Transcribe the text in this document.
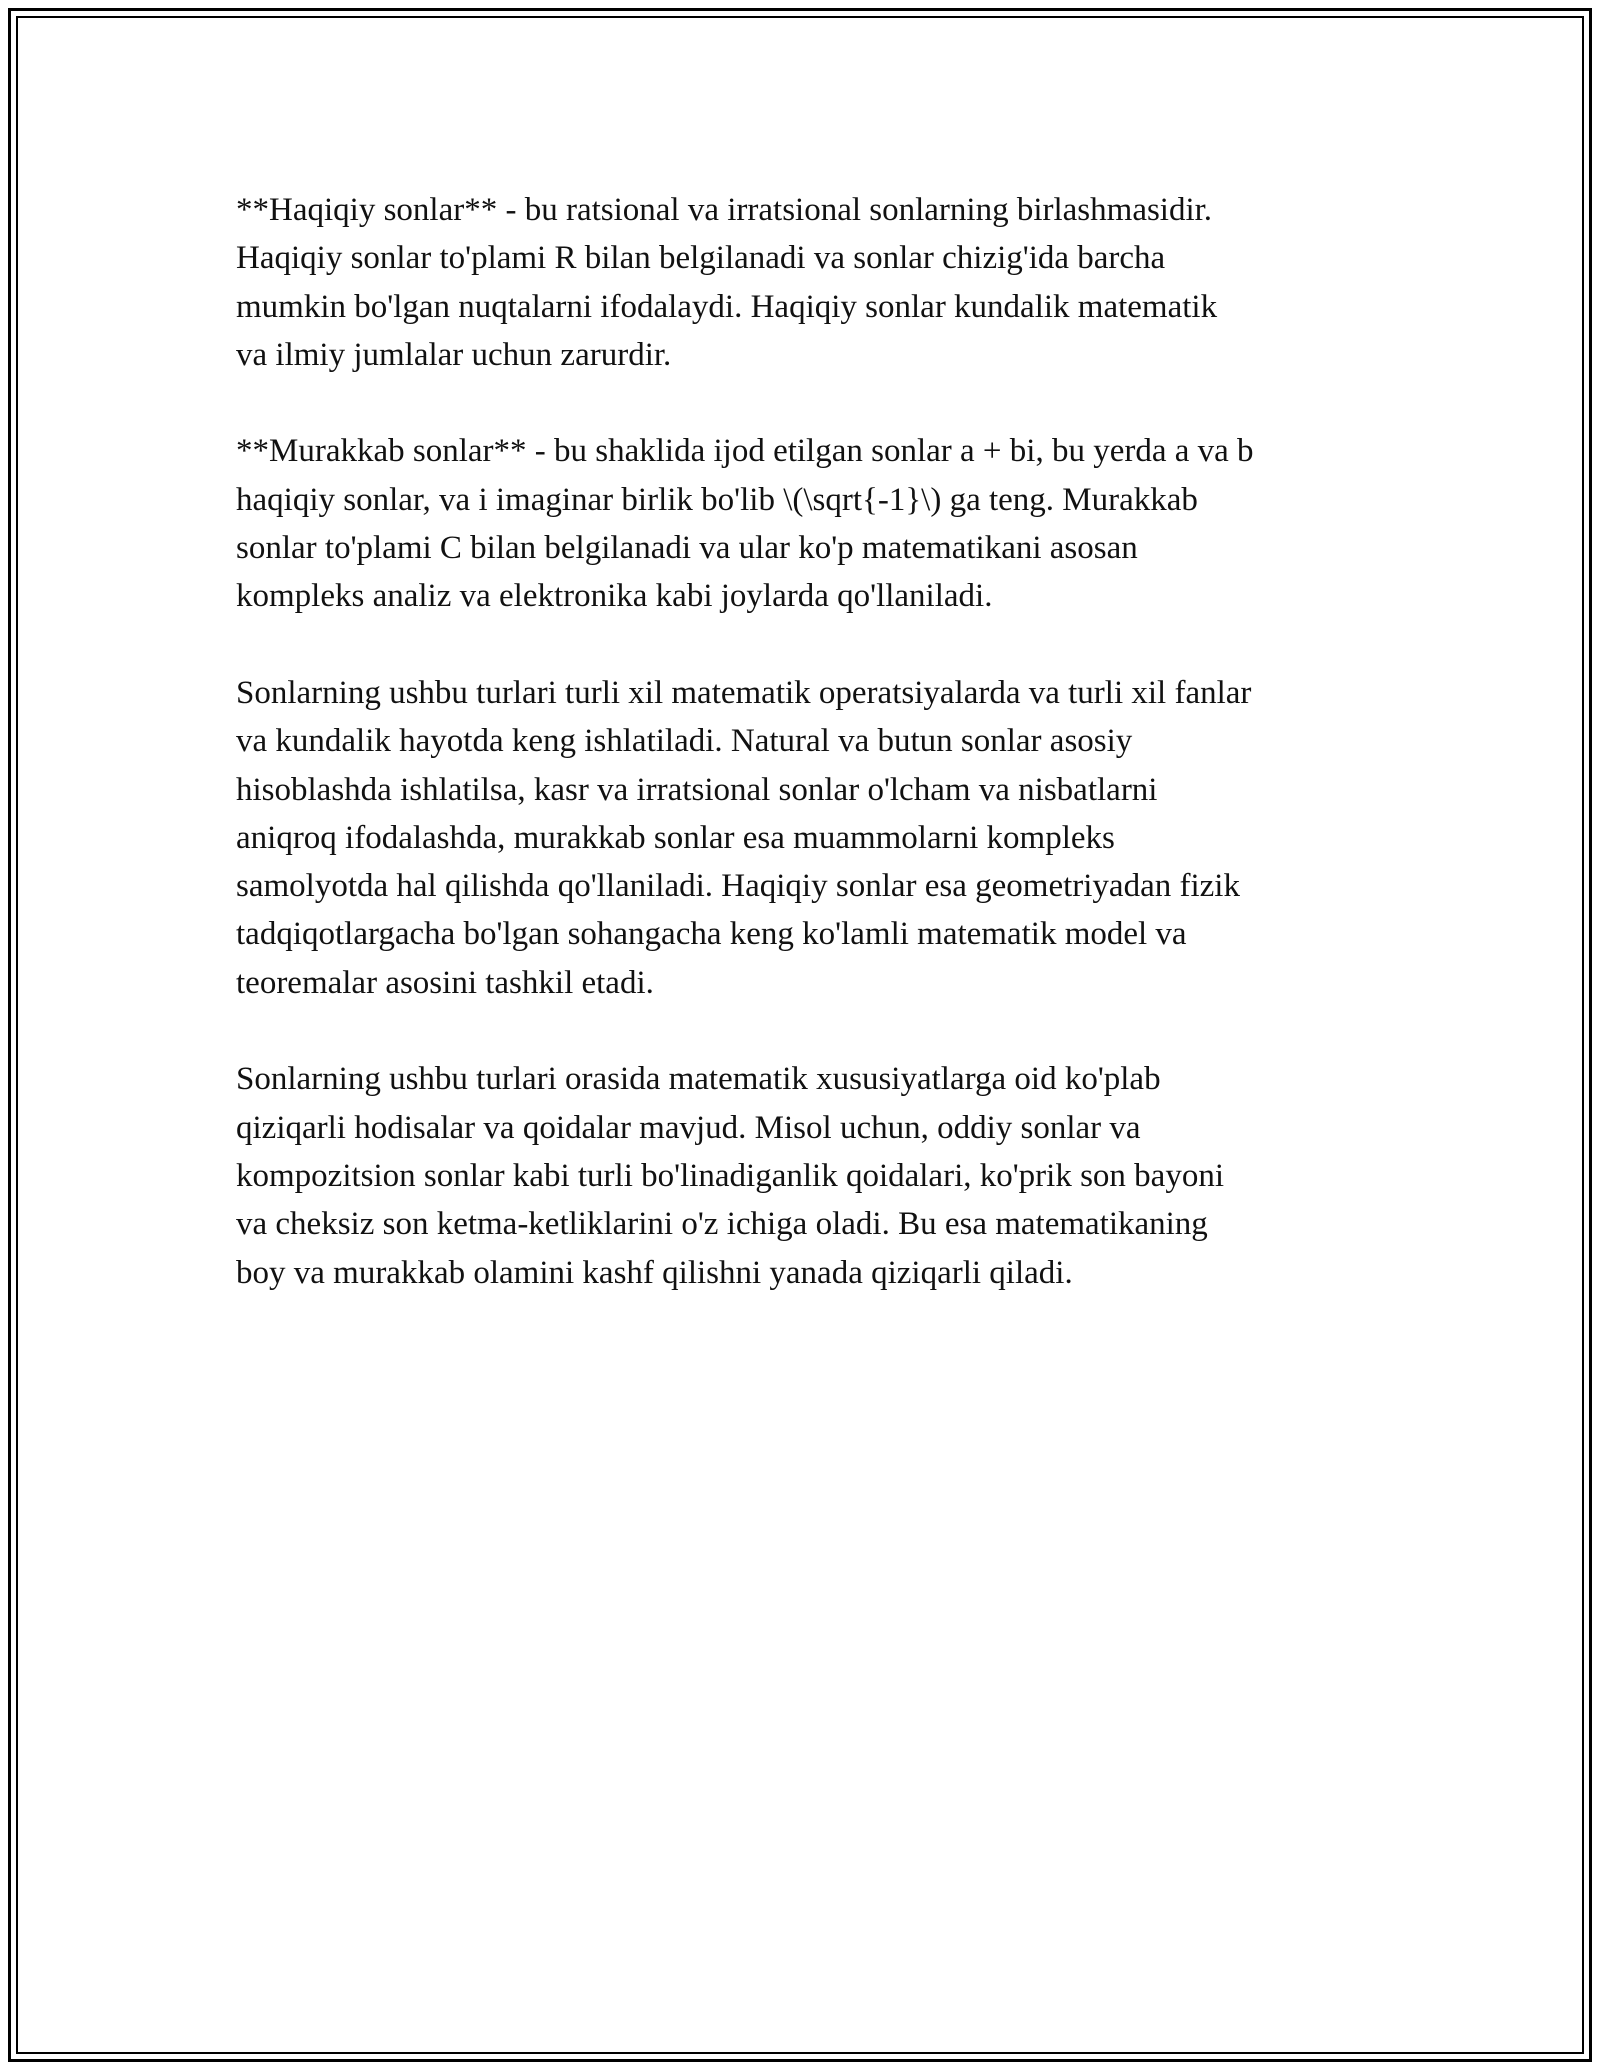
**Haqiqiy sonlar** - bu ratsional va irratsional sonlarning birlashmasidir.
Haqiqiy sonlar to'plami R bilan belgilanadi va sonlar chizig'ida barcha
mumkin bo'lgan nuqtalarni ifodalaydi. Haqiqiy sonlar kundalik matematik
va ilmiy jumlalar uchun zarurdir.

**Murakkab sonlar** - bu shaklida ijod etilgan sonlar a + bi, bu yerda a va b
haqiqiy sonlar, va i imaginar birlik bo'lib \(\sqrt{-1}\) ga teng. Murakkab
sonlar to'plami C bilan belgilanadi va ular ko'p matematikani asosan
kompleks analiz va elektronika kabi joylarda qo'llaniladi.

Sonlarning ushbu turlari turli xil matematik operatsiyalarda va turli xil fanlar
va kundalik hayotda keng ishlatiladi. Natural va butun sonlar asosiy
hisoblashda ishlatilsa, kasr va irratsional sonlar o'lcham va nisbatlarni
aniqroq ifodalashda, murakkab sonlar esa muammolarni kompleks
samolyotda hal qilishda qo'llaniladi. Haqiqiy sonlar esa geometriyadan fizik
tadqiqotlargacha bo'lgan sohangacha keng ko'lamli matematik model va
teoremalar asosini tashkil etadi.

Sonlarning ushbu turlari orasida matematik xususiyatlarga oid ko'plab
qiziqarli hodisalar va qoidalar mavjud. Misol uchun, oddiy sonlar va
kompozitsion sonlar kabi turli bo'linadiganlik qoidalari, ko'prik son bayoni
va cheksiz son ketma-ketliklarini o'z ichiga oladi. Bu esa matematikaning
boy va murakkab olamini kashf qilishni yanada qiziqarli qiladi.
